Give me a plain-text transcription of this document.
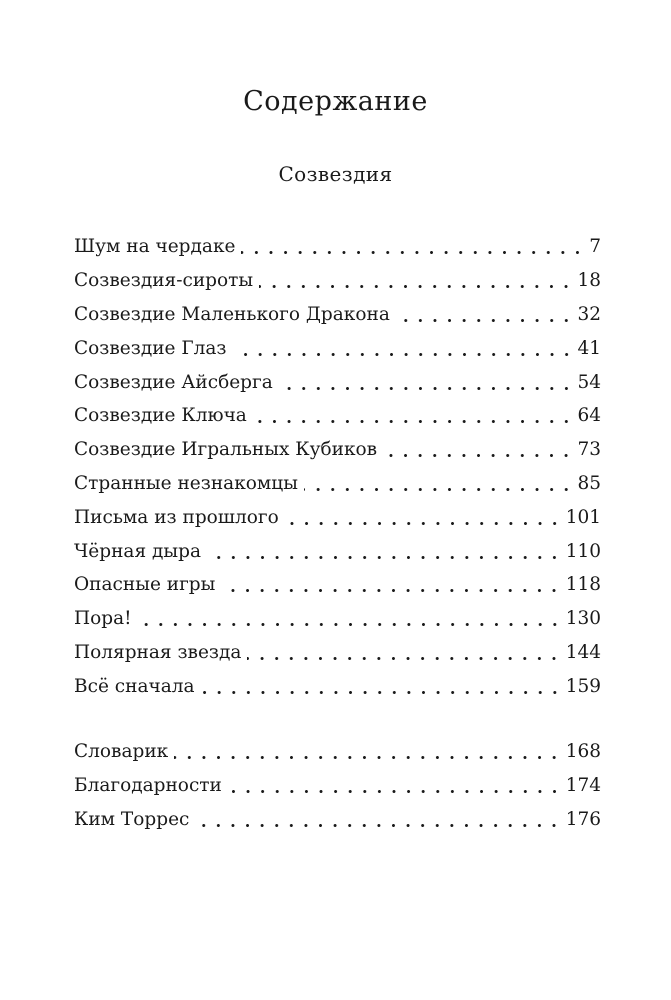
Содержание
Созвездия
Шум на чердаке	7
Созвездия-сироты	18
Созвездие Маленького Дракона	32
Созвездие Глаз	41
Созвездие Айсберга	54
Созвездие Ключа	64
Созвездие Игральных Кубиков	73
Странные незнакомцы	85
Письма из прошлого	101
Чёрная дыра	110
Опасные игры	118
Пора!	130
Полярная звезда	144
Всё сначала	159
Словарик	168
Благодарности	174
Ким Торрес	176
